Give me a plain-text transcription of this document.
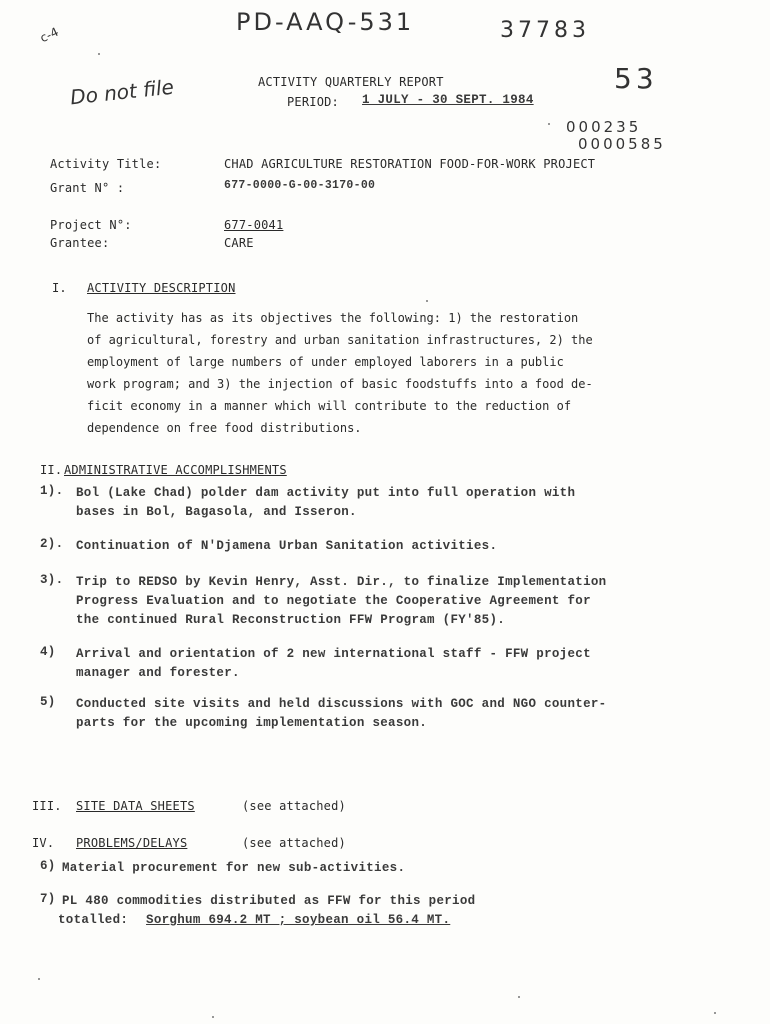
c-4	PD-AAQ-531	37783
Do not file	53
000235
0000585
ACTIVITY QUARTERLY REPORT
PERIOD: 1 JULY - 30 SEPT. 1984
Activity Title:	CHAD AGRICULTURE RESTORATION FOOD-FOR-WORK PROJECT
Grant N° :	677-0000-G-00-3170-00
Project N°:	677-0041
Grantee:	CARE
I. ACTIVITY DESCRIPTION
The activity has as its objectives the following: 1) the restoration
of agricultural, forestry and urban sanitation infrastructures, 2) the
employment of large numbers of under employed laborers in a public
work program; and 3) the injection of basic foodstuffs into a food de-
ficit economy in a manner which will contribute to the reduction of
dependence on free food distributions.
II. ADMINISTRATIVE ACCOMPLISHMENTS
1). Bol (Lake Chad) polder dam activity put into full operation with
bases in Bol, Bagasola, and Isseron.
2). Continuation of N'Djamena Urban Sanitation activities.
3). Trip to REDSO by Kevin Henry, Asst. Dir., to finalize Implementation
Progress Evaluation and to negotiate the Cooperative Agreement for
the continued Rural Reconstruction FFW Program (FY'85).
4) Arrival and orientation of 2 new international staff - FFW project
manager and forester.
5) Conducted site visits and held discussions with GOC and NGO counter-
parts for the upcoming implementation season.
III. SITE DATA SHEETS	(see attached)
IV. PROBLEMS/DELAYS	(see attached)
6) Material procurement for new sub-activities.
7) PL 480 commodities distributed as FFW for this period
totalled: Sorghum 694.2 MT ; soybean oil 56.4 MT.
